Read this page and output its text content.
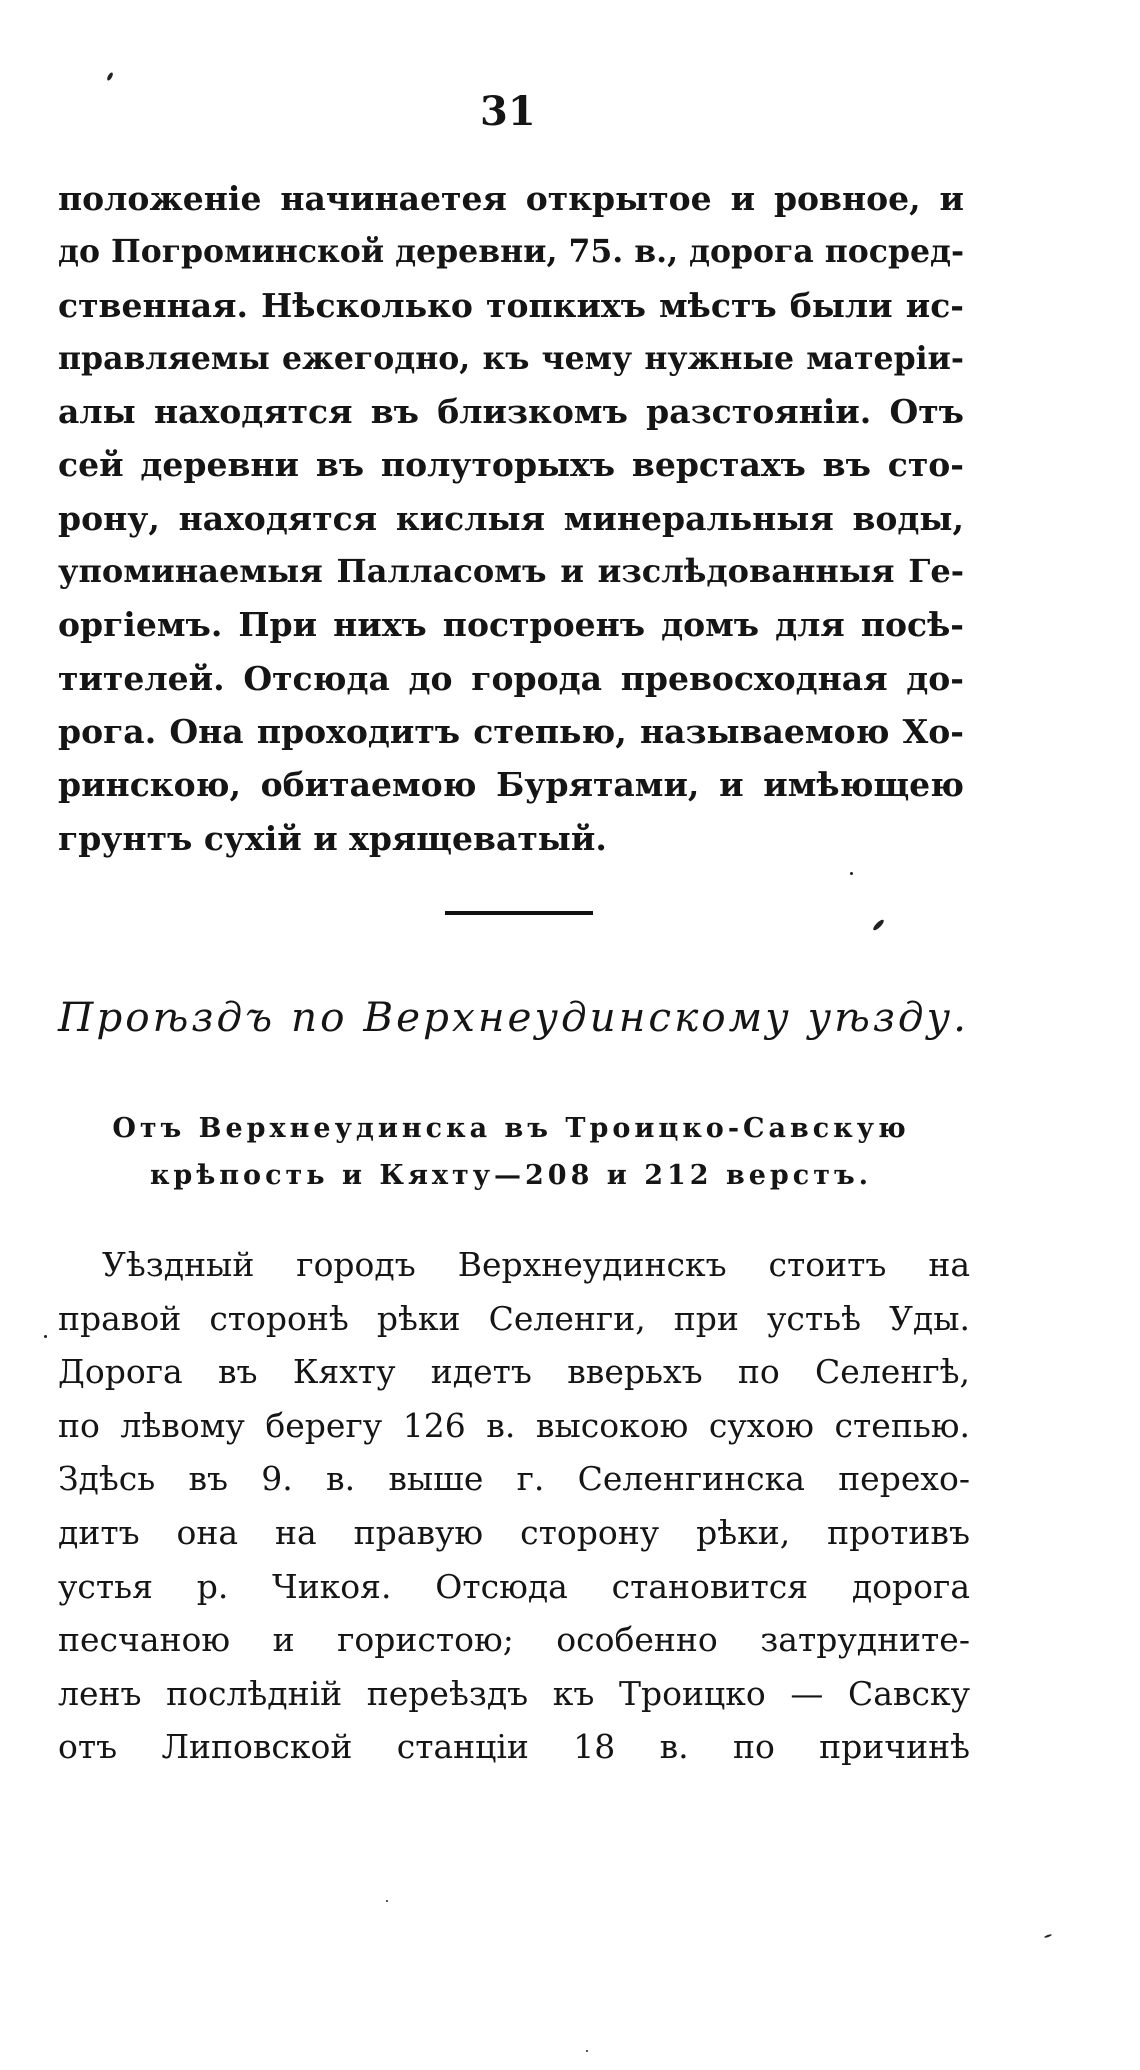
31
положеніе начинаетея открытое и ровное, и
до Погроминской деревни, 75. в., дорога посред-
ственная. Нѣсколько топкихъ мѣстъ были ис-
правляемы ежегодно, къ чему нужные матеріи-
алы находятся въ близкомъ разстояніи. Отъ
сей деревни въ полуторыхъ верстахъ въ сто-
рону, находятся кислыя минеральныя воды,
упоминаемыя Палласомъ и изслѣдованныя Ге-
оргіемъ. При нихъ построенъ домъ для посѣ-
тителей. Отсюда до города превосходная до-
рога. Она проходитъ степью, называемою Хо-
ринскою, обитаемою Бурятами, и имѣющею
грунтъ сухій и хрящеватый.
Проѣздъ по Верхнеудинскому уѣзду.
Отъ Верхнеудинска въ Троицко-Савскую
крѣпость и Кяхту—208 и 212 верстъ.
Уѣздный городъ Верхнеудинскъ стоитъ на
правой сторонѣ рѣки Селенги, при устьѣ Уды.
Дорога въ Кяхту идетъ вверьхъ по Селенгѣ,
по лѣвому берегу 126 в. высокою сухою степью.
Здѣсь въ 9. в. выше г. Селенгинска перехо-
дитъ она на правую сторону рѣки, противъ
устья р. Чикоя. Отсюда становится дорога
песчаною и гористою; особенно затруднитe-
ленъ послѣдній переѣздъ къ Троицко — Савску
отъ Липовской станціи 18 в. по причинѣ
